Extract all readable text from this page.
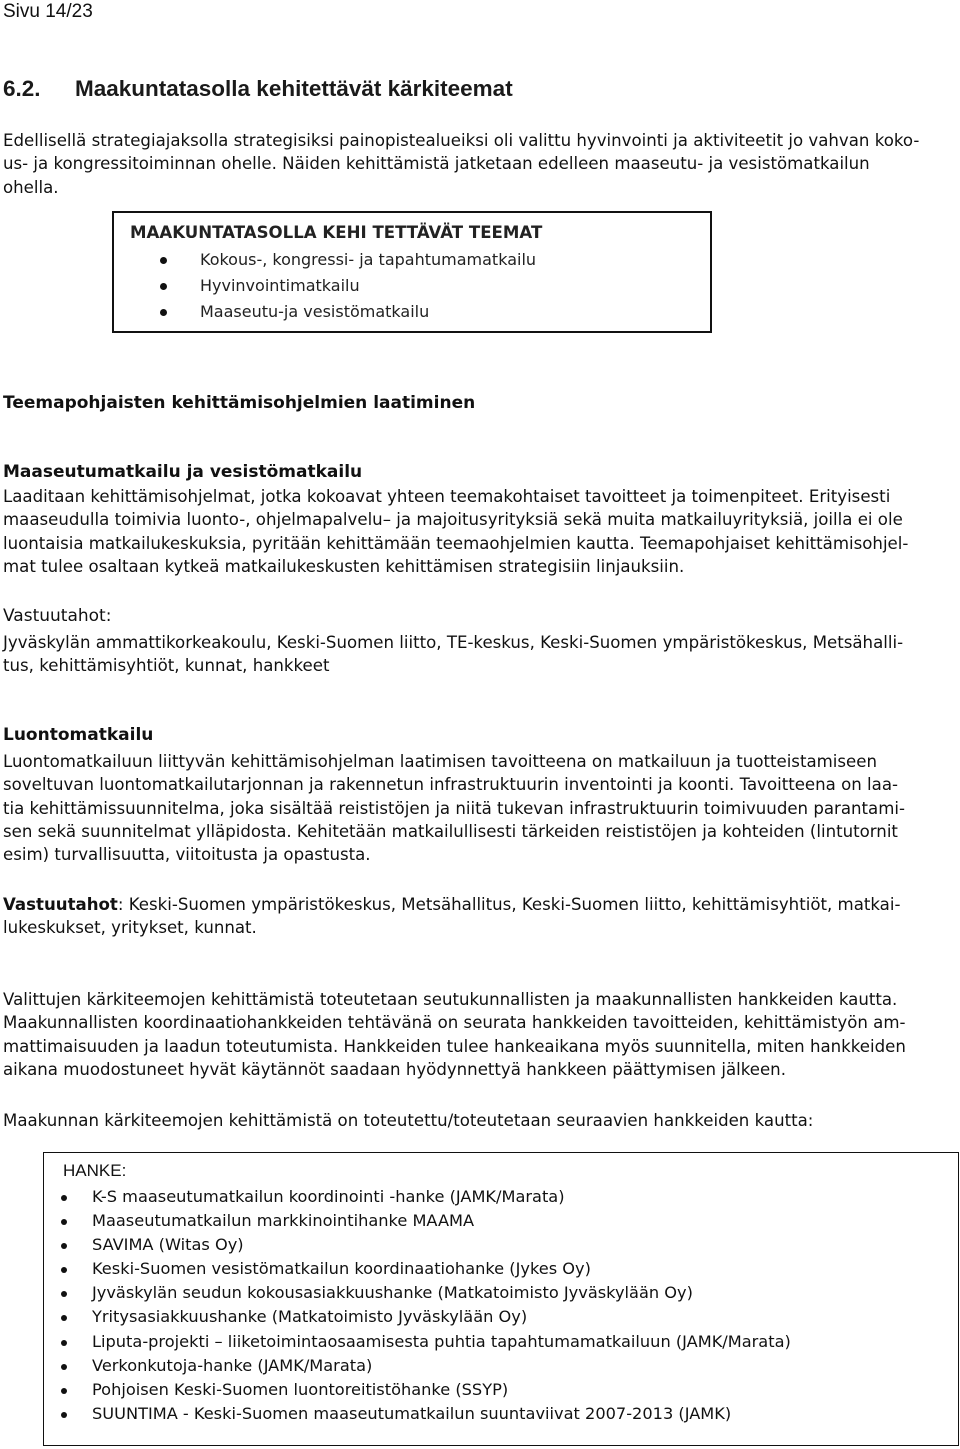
Sivu 14/23
6.2. Maakuntatasolla kehitettävät kärkiteemat

Edellisellä strategiajaksolla strategisiksi painopistealueiksi oli valittu hyvinvointi ja aktiviteetit jo vahvan koko-
us- ja kongressitoiminnan ohelle. Näiden kehittämistä jatketaan edelleen maaseutu- ja vesistömatkailun
ohella.

MAAKUNTATASOLLA KEHI TETTÄVÄT TEEMAT
Kokous-, kongressi- ja tapahtumamatkailu
Hyvinvointimatkailu
Maaseutu-ja vesistömatkailu
Teemapohjaisten kehittämisohjelmien laatiminen
Maaseutumatkailu ja vesistömatkailu

Laaditaan kehittämisohjelmat, jotka kokoavat yhteen teemakohtaiset tavoitteet ja toimenpiteet. Erityisesti
maaseudulla toimivia luonto-, ohjelmapalvelu– ja majoitusyrityksiä sekä muita matkailuyrityksiä, joilla ei ole
luontaisia matkailukeskuksia, pyritään kehittämään teemaohjelmien kautta. Teemapohjaiset kehittämisohjel-
mat tulee osaltaan kytkeä matkailukeskusten kehittämisen strategisiin linjauksiin.

Vastuutahot:

Jyväskylän ammattikorkeakoulu, Keski-Suomen liitto, TE-keskus, Keski-Suomen ympäristökeskus, Metsähalli-
tus, kehittämisyhtiöt, kunnat, hankkeet

Luontomatkailu

Luontomatkailuun liittyvän kehittämisohjelman laatimisen tavoitteena on matkailuun ja tuotteistamiseen
soveltuvan luontomatkailutarjonnan ja rakennetun infrastruktuurin inventointi ja koonti. Tavoitteena on laa-
tia kehittämissuunnitelma, joka sisältää reististöjen ja niitä tukevan infrastruktuurin toimivuuden parantami-
sen sekä suunnitelmat ylläpidosta. Kehitetään matkailullisesti tärkeiden reististöjen ja kohteiden (lintutornit
esim) turvallisuutta, viitoitusta ja opastusta.

Vastuutahot: Keski-Suomen ympäristökeskus, Metsähallitus, Keski-Suomen liitto, kehittämisyhtiöt, matkai-
lukeskukset, yritykset, kunnat.

Valittujen kärkiteemojen kehittämistä toteutetaan seutukunnallisten ja maakunnallisten hankkeiden kautta.
Maakunnallisten koordinaatiohankkeiden tehtävänä on seurata hankkeiden tavoitteiden, kehittämistyön am-
mattimaisuuden ja laadun toteutumista. Hankkeiden tulee hankeaikana myös suunnitella, miten hankkeiden
aikana muodostuneet hyvät käytännöt saadaan hyödynnettyä hankkeen päättymisen jälkeen.

Maakunnan kärkiteemojen kehittämistä on toteutettu/toteutetaan seuraavien hankkeiden kautta:

HANKE:
K-S maaseutumatkailun koordinointi -hanke (JAMK/Marata)
Maaseutumatkailun markkinointihanke MAAMA
SAVIMA (Witas Oy)
Keski-Suomen vesistömatkailun koordinaatiohanke (Jykes Oy)
Jyväskylän seudun kokousasiakkuushanke (Matkatoimisto Jyväskylään Oy)
Yritysasiakkuushanke (Matkatoimisto Jyväskylään Oy)
Liputa-projekti – liiketoimintaosaamisesta puhtia tapahtumamatkailuun (JAMK/Marata)
Verkonkutoja-hanke (JAMK/Marata)
Pohjoisen Keski-Suomen luontoreitistöhanke (SSYP)
SUUNTIMA - Keski-Suomen maaseutumatkailun suuntaviivat 2007-2013 (JAMK)
